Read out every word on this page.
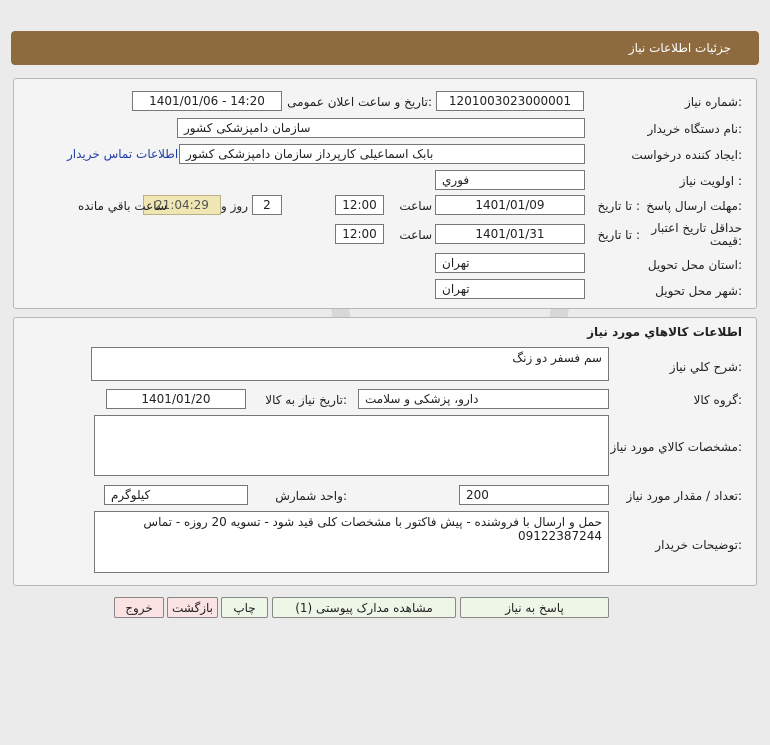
جزئیات اطلاعات نیاز
شماره نیاز:
1201003023000001
تاریخ و ساعت اعلان عمومی:
1401/01/06 - 14:20
نام دستگاه خریدار:
سازمان دامپزشکی کشور
ایجاد کننده درخواست:
بابک اسماعیلی کارپرداز سازمان دامپزشکی کشور
اطلاعات تماس خریدار
اولویت نیاز :
فوري
مهلت ارسال پاسخ:
تا تاریخ :
1401/01/09
ساعت
12:00
2
روز و
21:04:29
ساعت باقي مانده
حداقل تاریخ اعتبار قیمت:
تا تاریخ :
1401/01/31
ساعت
12:00
استان محل تحویل:
تهران
شهر محل تحویل:
تهران
اطلاعات كالاهاي مورد نياز
شرح کلي نياز:
سم فسفر دو زنگ
گروه کالا:
دارو، پزشکی و سلامت
تاریخ نیاز به کالا:
1401/01/20
مشخصات کالاي مورد نياز:
تعداد / مقدار مورد نیاز:
200
واحد شمارش:
کیلوگرم
توضیحات خریدار:
حمل و ارسال با فروشنده - پیش فاکتور با مشخصات کلی قید شود - تسویه 20 روزه - تماس 09122387244
پاسخ به نیاز
مشاهده مدارک پیوستی (1)
چاپ
بازگشت
خروج
